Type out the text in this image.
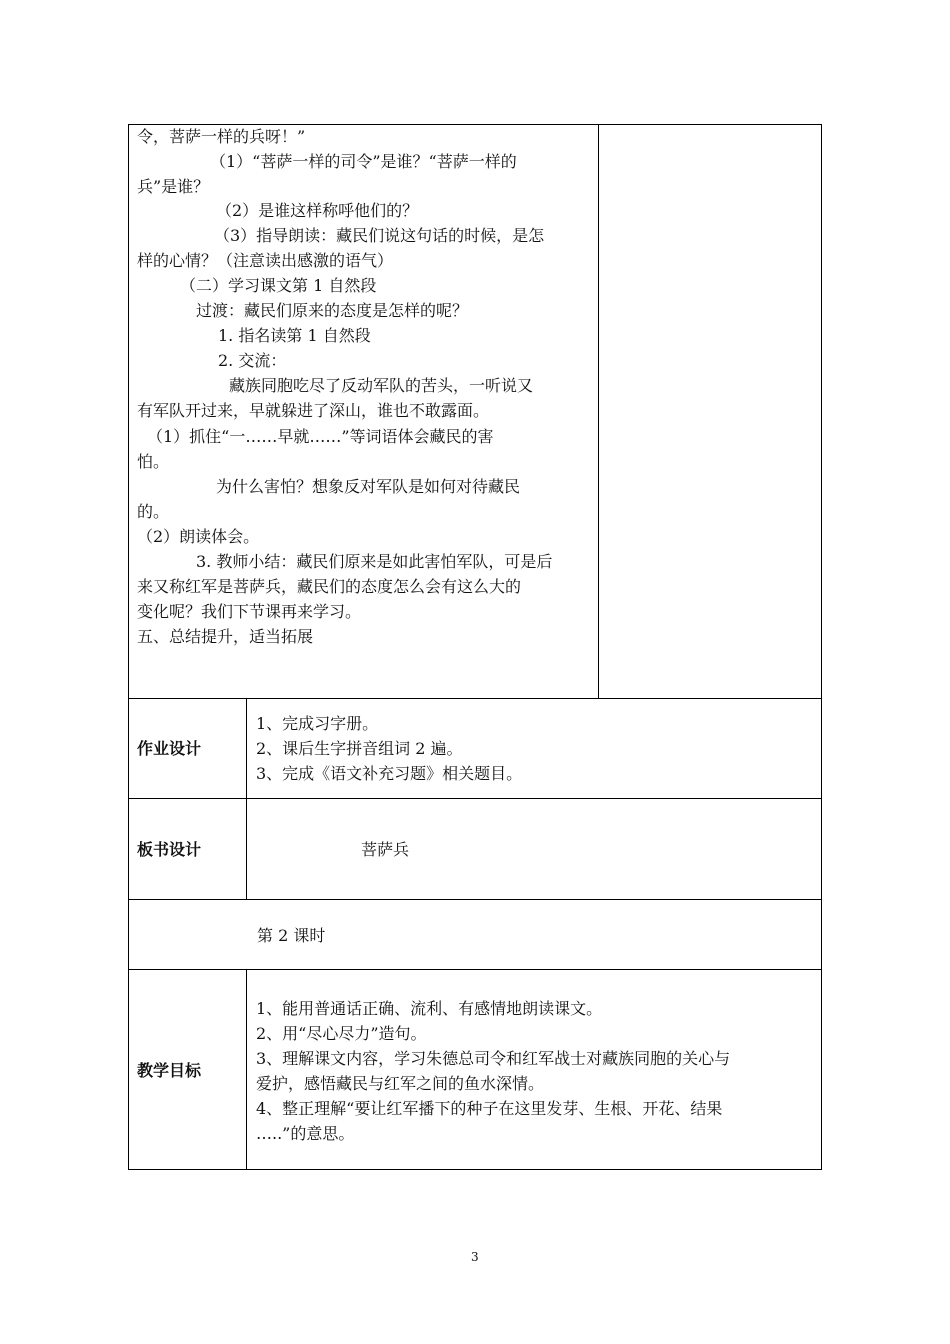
令，菩萨一样的兵呀！”
（1）“菩萨一样的司令”是谁？“菩萨一样的
兵”是谁？
（2）是谁这样称呼他们的？
（3）指导朗读：藏民们说这句话的时候，是怎
样的心情？（注意读出感激的语气）
（二）学习课文第 1 自然段
过渡：藏民们原来的态度是怎样的呢？
1. 指名读第 1 自然段
2. 交流：
藏族同胞吃尽了反动军队的苦头，一听说又
有军队开过来，早就躲进了深山，谁也不敢露面。
（1）抓住“一……早就……”等词语体会藏民的害
怕。
为什么害怕？想象反对军队是如何对待藏民
的。
（2）朗读体会。
3. 教师小结：藏民们原来是如此害怕军队，可是后
来又称红军是菩萨兵，藏民们的态度怎么会有这么大的
变化呢？我们下节课再来学习。
五、总结提升，适当拓展
作业设计
1、完成习字册。
2、课后生字拼音组词 2 遍。
3、完成《语文补充习题》相关题目。
板书设计	菩萨兵
第 2 课时
教学目标
1、能用普通话正确、流利、有感情地朗读课文。
2、用“尽心尽力”造句。
3、理解课文内容，学习朱德总司令和红军战士对藏族同胞的关心与
爱护，感悟藏民与红军之间的鱼水深情。
4、整正理解“要让红军播下的种子在这里发芽、生根、开花、结果
…..”的意思。
3
